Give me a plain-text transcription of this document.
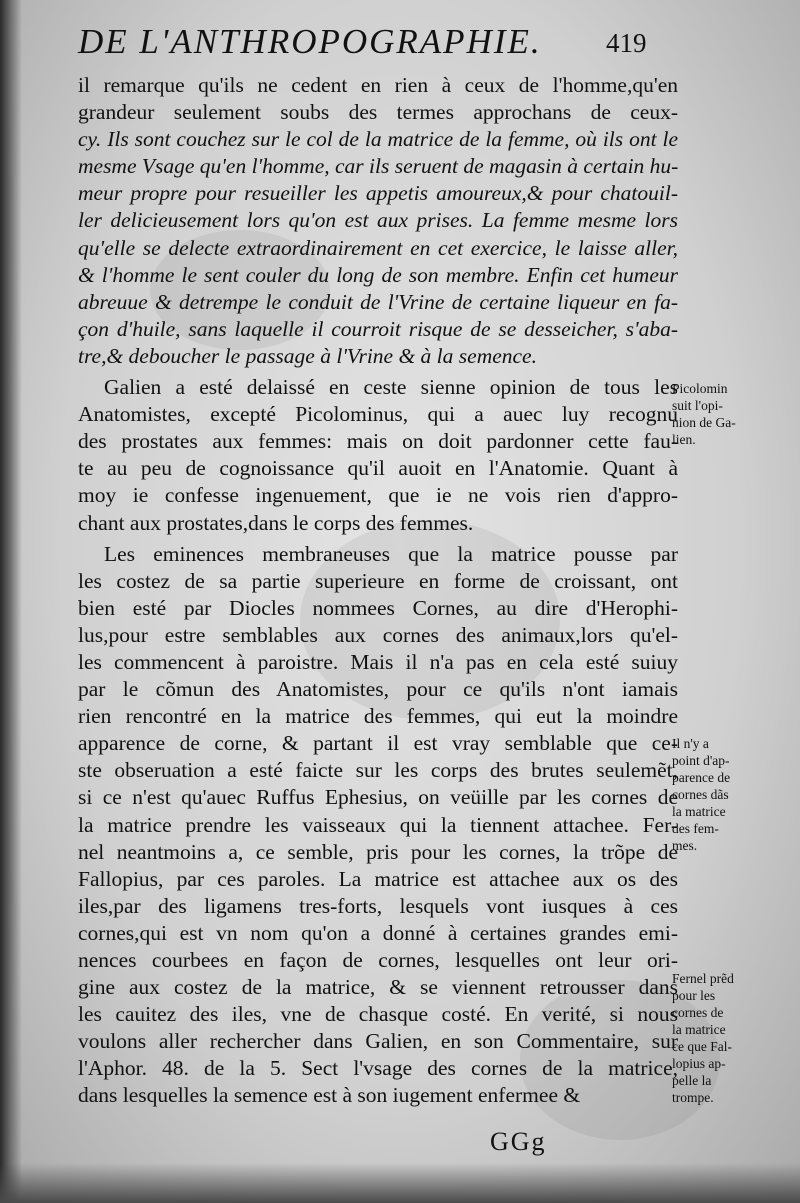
DE L'ANTHROPOGRAPHIE. 419
il remarque qu'ils ne cedent en rien à ceux de l'homme,qu'en
grandeur seulement soubs des termes approchans de ceux-
cy. Ils sont couchez sur le col de la matrice de la femme, où ils ont le
mesme Vsage qu'en l'homme, car ils seruent de magasin à certain hu-
meur propre pour resueiller les appetis amoureux,& pour chatouil-
ler delicieusement lors qu'on est aux prises. La femme mesme lors
qu'elle se delecte extraordinairement en cet exercice, le laisse aller,
& l'homme le sent couler du long de son membre. Enfin cet humeur
abreuue & detrempe le conduit de l'Vrine de certaine liqueur en fa-
çon d'huile, sans laquelle il courroit risque de se desseicher, s'aba-
tre,& deboucher le passage à l'Vrine & à la semence.
Galien a esté delaissé en ceste sienne opinion de tous les
Anatomistes, excepté Picolominus, qui a auec luy recognu
des prostates aux femmes: mais on doit pardonner cette fau-
te au peu de cognoissance qu'il auoit en l'Anatomie. Quant à
moy ie confesse ingenuement, que ie ne vois rien d'appro-
chant aux prostates,dans le corps des femmes.
Les eminences membraneuses que la matrice pousse par
les costez de sa partie superieure en forme de croissant, ont
bien esté par Diocles nommees Cornes, au dire d'Herophi-
lus,pour estre semblables aux cornes des animaux,lors qu'el-
les commencent à paroistre. Mais il n'a pas en cela esté suiuy
par le cõmun des Anatomistes, pour ce qu'ils n'ont iamais
rien rencontré en la matrice des femmes, qui eut la moindre
apparence de corne, & partant il est vray semblable que ce-
ste obseruation a esté faicte sur les corps des brutes seulemẽt,
si ce n'est qu'auec Ruffus Ephesius, on veüille par les cornes de
la matrice prendre les vaisseaux qui la tiennent attachee. Fer-
nel neantmoins a, ce semble, pris pour les cornes, la trõpe de
Fallopius, par ces paroles. La matrice est attachee aux os des
iles,par des ligamens tres-forts, lesquels vont iusques à ces
cornes,qui est vn nom qu'on a donné à certaines grandes emi-
nences courbees en façon de cornes, lesquelles ont leur ori-
gine aux costez de la matrice, & se viennent retrousser dans
les cauitez des iles, vne de chasque costé. En verité, si nous
voulons aller rechercher dans Galien, en son Commentaire, sur
l'Aphor. 48. de la 5. Sect l'vsage des cornes de la matrice,
dans lesquelles la semence est à son iugement enfermee &
Picolomin
suit l'opi-
nion de Ga-
lien.
Il n'y a
point d'ap-
parence de
cornes dãs
la matrice
des fem-
mes.
Fernel prẽd
pour les
cornes de
la matrice
ce que Fal-
lopius ap-
pelle la
trompe.
GGg
